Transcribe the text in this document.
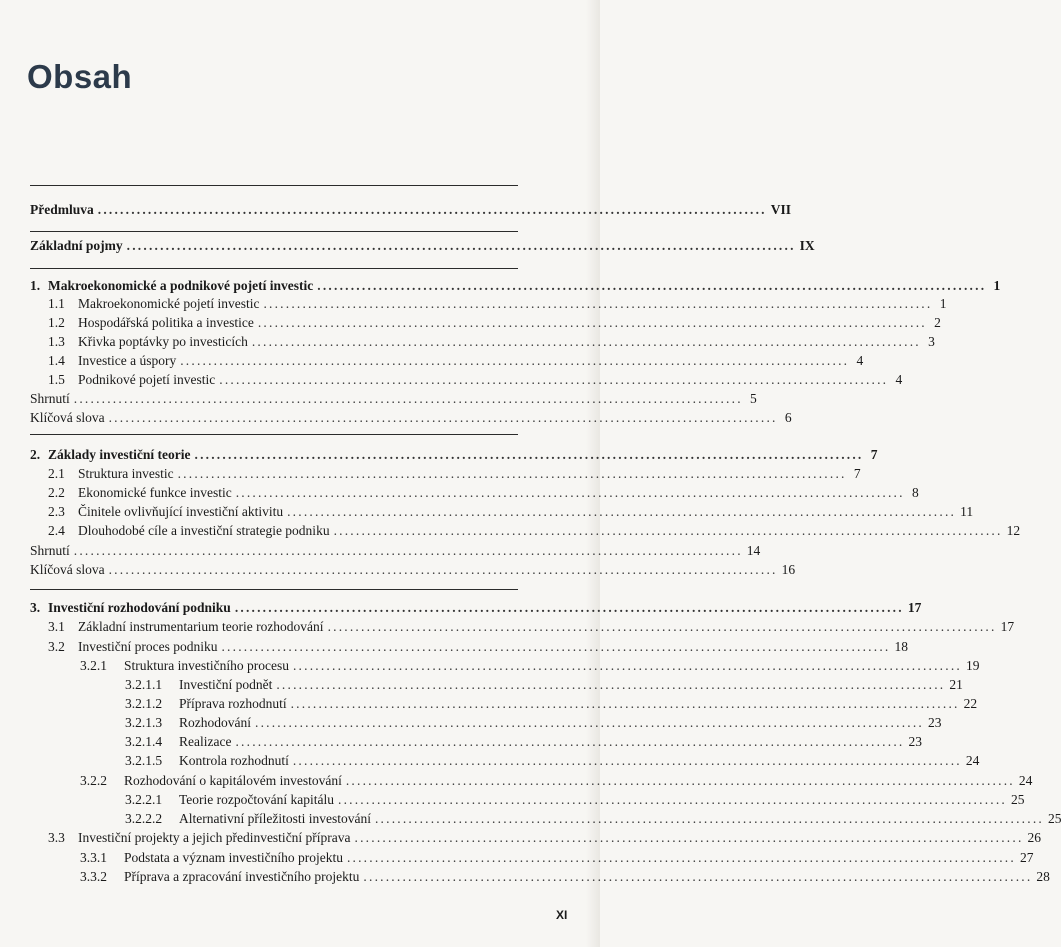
Obsah
Předmluva ........................................................................................................................ VII
Základní pojmy ........................................................................................................................ IX
1. Makroekonomické a podnikové pojetí investic ........................................................................................................................ 1
1.1 Makroekonomické pojetí investic ........................................................................................................................ 1
1.2 Hospodářská politika a investice ........................................................................................................................ 2
1.3 Křivka poptávky po investicích ........................................................................................................................ 3
1.4 Investice a úspory ........................................................................................................................ 4
1.5 Podnikové pojetí investic ........................................................................................................................ 4
Shrnutí ........................................................................................................................ 5
Klíčová slova ........................................................................................................................ 6
2. Základy investiční teorie ........................................................................................................................ 7
2.1 Struktura investic ........................................................................................................................ 7
2.2 Ekonomické funkce investic ........................................................................................................................ 8
2.3 Činitele ovlivňující investiční aktivitu ........................................................................................................................ 11
2.4 Dlouhodobé cíle a investiční strategie podniku ........................................................................................................................ 12
Shrnutí ........................................................................................................................ 14
Klíčová slova ........................................................................................................................ 16
3. Investiční rozhodování podniku ........................................................................................................................ 17
3.1 Základní instrumentarium teorie rozhodování ........................................................................................................................ 17
3.2 Investiční proces podniku ........................................................................................................................ 18
3.2.1	Struktura investičního procesu ........................................................................................................................ 19
3.2.1.1	Investiční podnět ........................................................................................................................ 21
3.2.1.2	Příprava rozhodnutí ........................................................................................................................ 22
3.2.1.3	Rozhodování ........................................................................................................................ 23
3.2.1.4	Realizace ........................................................................................................................ 23
3.2.1.5	Kontrola rozhodnutí ........................................................................................................................ 24
3.2.2	Rozhodování o kapitálovém investování ........................................................................................................................ 24
3.2.2.1	Teorie rozpočtování kapitálu ........................................................................................................................ 25
3.2.2.2	Alternativní příležitosti investování ........................................................................................................................ 25
3.3 Investiční projekty a jejich předinvestiční příprava ........................................................................................................................ 26
3.3.1	Podstata a význam investičního projektu ........................................................................................................................ 27
3.3.2	Příprava a zpracování investičního projektu ........................................................................................................................ 28
XI
